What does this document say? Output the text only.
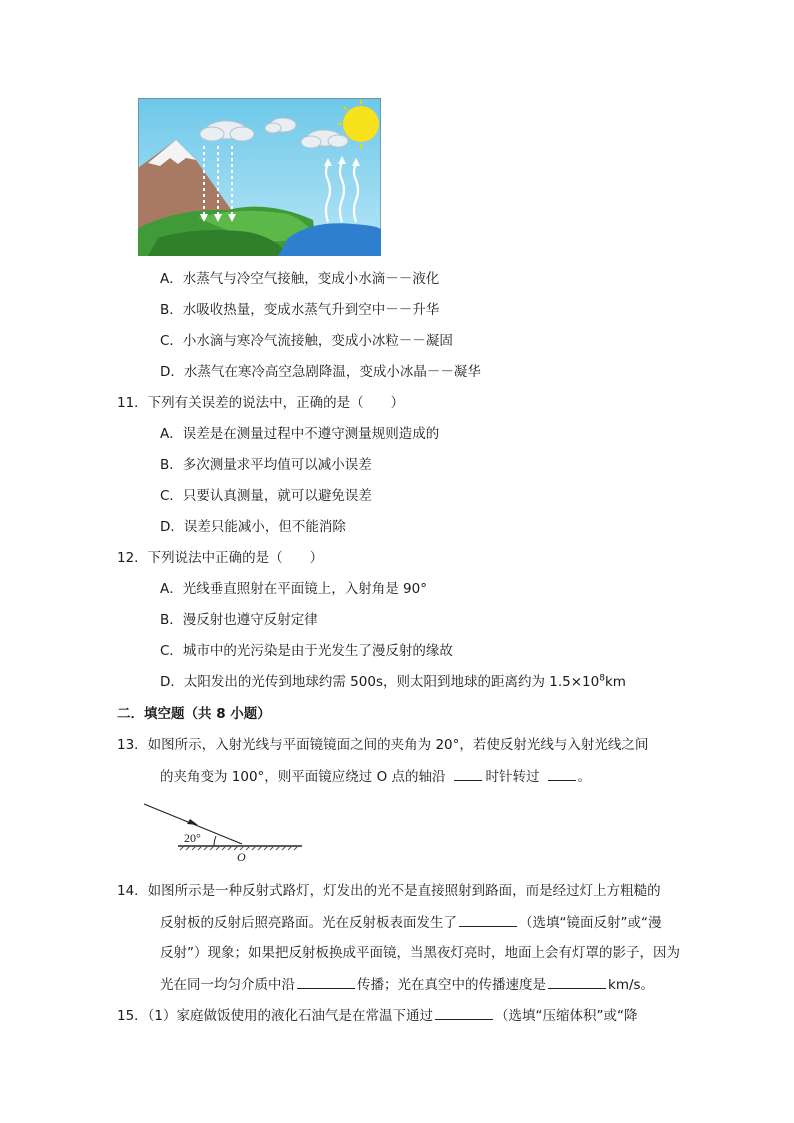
A．水蒸气与冷空气接触，变成小水滴－－液化
B．水吸收热量，变成水蒸气升到空中－－升华
C．小水滴与寒冷气流接触，变成小冰粒－－凝固
D．水蒸气在寒冷高空急剧降温，变成小冰晶－－凝华
11．下列有关误差的说法中，正确的是（　　）
A．误差是在测量过程中不遵守测量规则造成的
B．多次测量求平均值可以减小误差
C．只要认真测量，就可以避免误差
D．误差只能减小，但不能消除
12．下列说法中正确的是（　　）
A．光线垂直照射在平面镜上，入射角是 90°
B．漫反射也遵守反射定律
C．城市中的光污染是由于光发生了漫反射的缘故
D．太阳发出的光传到地球约需 500s，则太阳到地球的距离约为 $1.5\times 10^8km$
二．填空题（共 8 小题）
13．如图所示，入射光线与平面镜镜面之间的夹角为 20°，若使反射光线与入射光线之间
的夹角变为 100°，则平面镜应绕过 O 点的轴沿	时针转过	。
20°
O
14．如图所示是一种反射式路灯，灯发出的光不是直接照射到路面，而是经过灯上方粗糙的
反射板的反射后照亮路面。光在反射板表面发生了	（选填“镜面反射”或“漫
反射”）现象；如果把反射板换成平面镜，当黑夜灯亮时，地面上会有灯罩的影子，因为
光在同一均匀介质中沿	传播；光在真空中的传播速度是	km/s。
15．（1）家庭做饭使用的液化石油气是在常温下通过	（选填“压缩体积”或“降
